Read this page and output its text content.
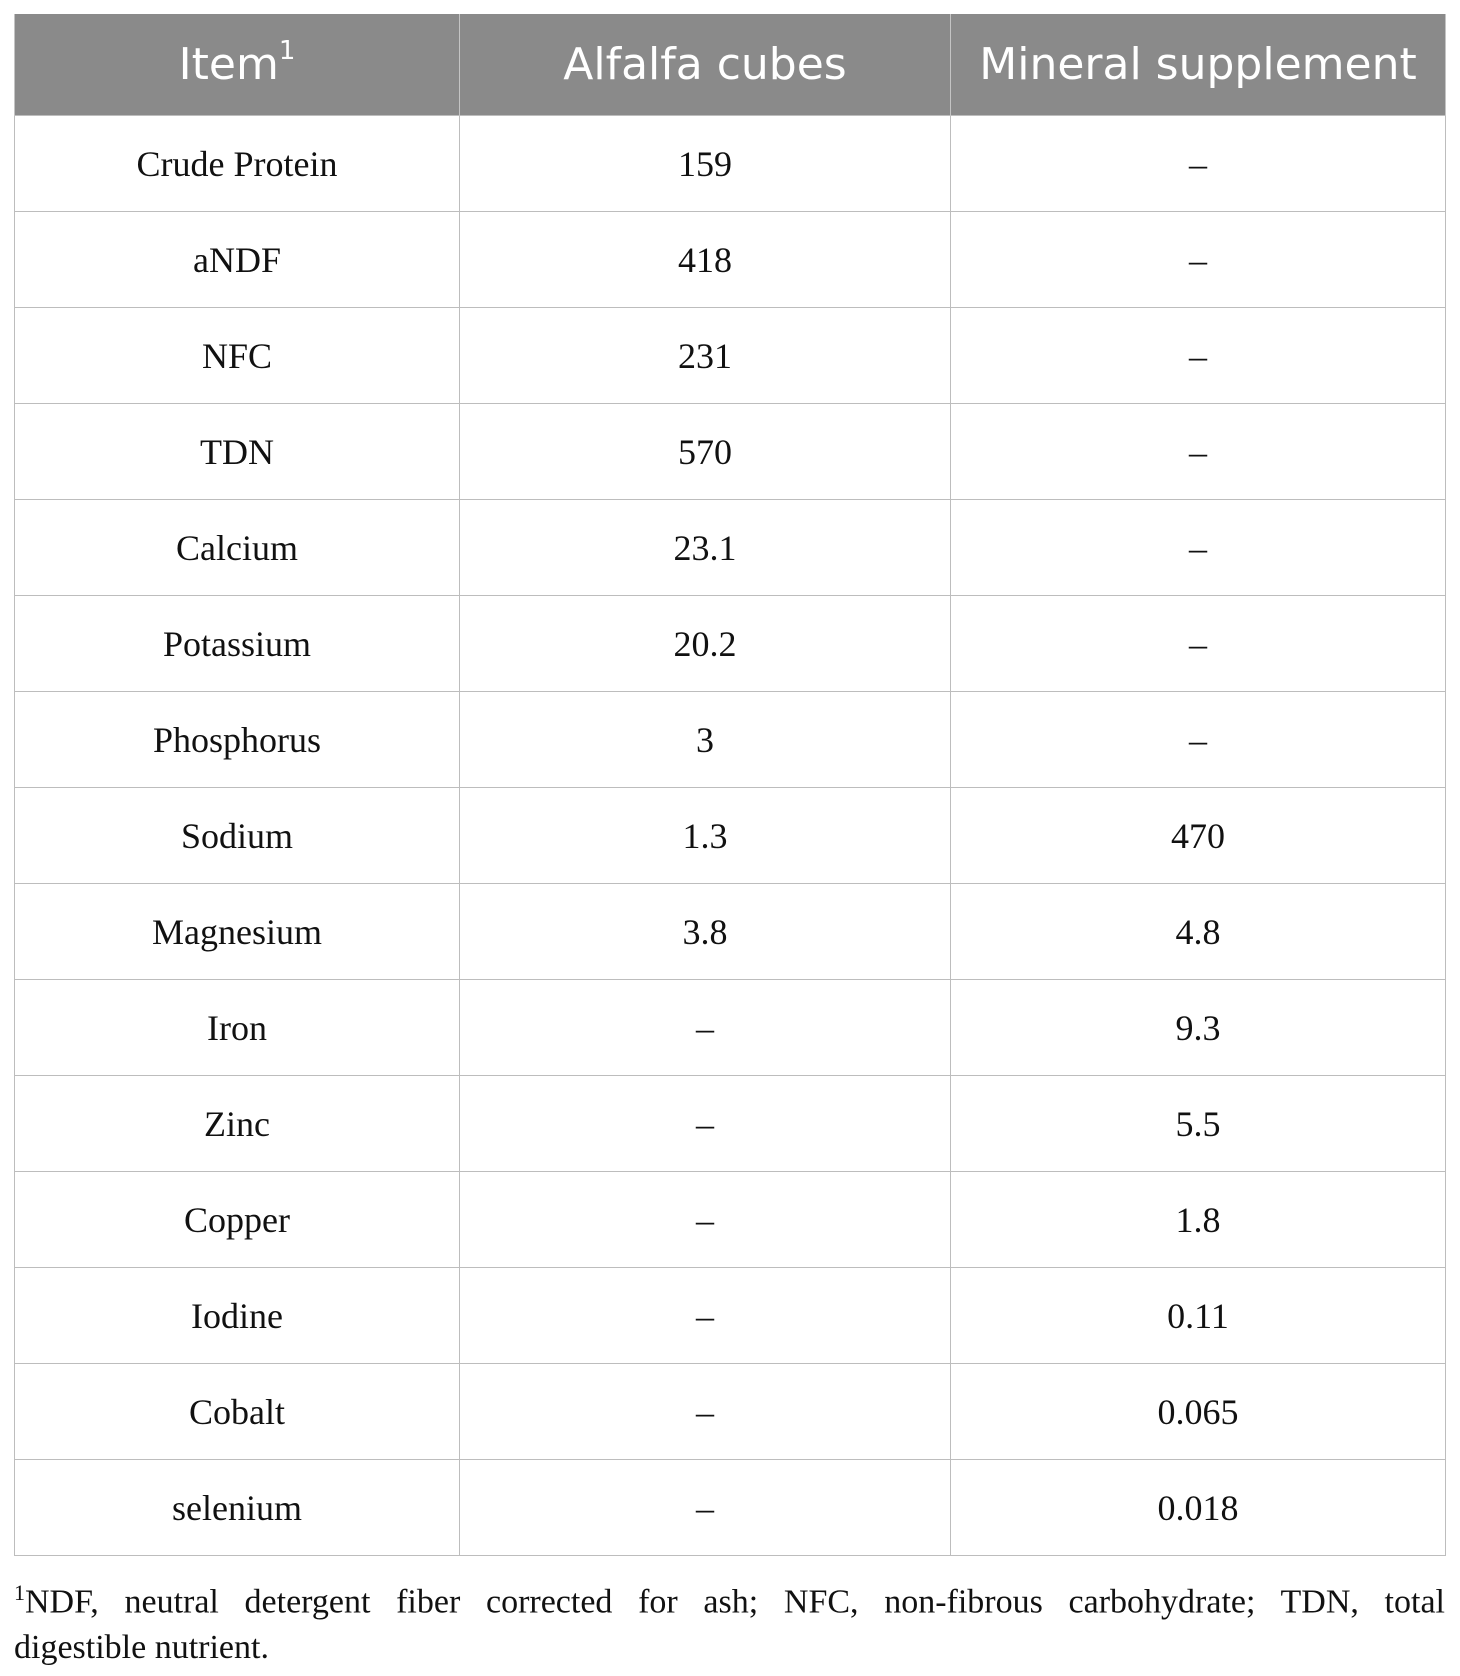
Item$^1$	Alfalfa cubes	Mineral supplement
Crude Protein	159	–
aNDF	418	–
NFC	231	–
TDN	570	–
Calcium	23.1	–
Potassium	20.2	–
Phosphorus	3	–
Sodium	1.3	470
Magnesium	3.8	4.8
Iron	–	9.3
Zinc	–	5.5
Copper	–	1.8
Iodine	–	0.11
Cobalt	–	0.065
selenium	–	0.018
$^1$NDF, neutral detergent fiber corrected for ash; NFC, non-fibrous carbohydrate; TDN, total
digestible nutrient.
